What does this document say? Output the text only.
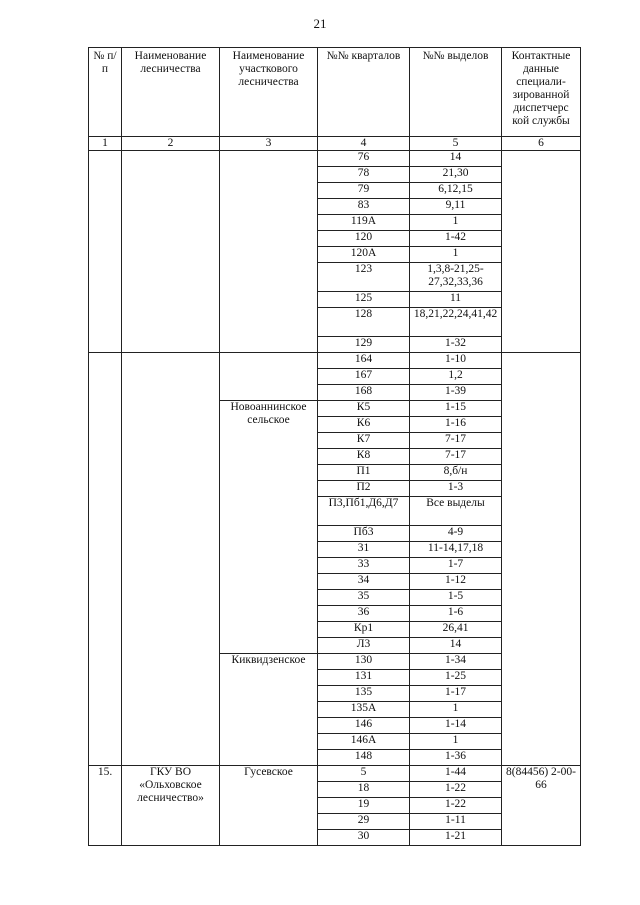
21
№ п/п	Наименование лесничества	Наименование участкового лесничества	№№ кварталов	№№ выделов	Контактные данные специали-зированной диспетчерс кой службы
1	2	3	4	5	6
			76	14	
			78	21,30	
			79	6,12,15	
			83	9,11	
			119А	1	
			120	1-42	
			120А	1	
			123	1,3,8-21,25-27,32,33,36	
			125	11	
			128	18,21,22,24,41,42	
			129	1-32	
			164	1-10	
			167	1,2	
			168	1-39	
		Новоаннинское сельское	К5	1-15	
			К6	1-16	
			К7	7-17	
			К8	7-17	
			П1	8,б/н	
			П2	1-3	
			П3,Пб1,Д6,Д7	Все выделы	
			Пб3	4-9	
			31	11-14,17,18	
			33	1-7	
			34	1-12	
			35	1-5	
			36	1-6	
			Кр1	26,41	
			Л3	14	
		Киквидзенское	130	1-34	
			131	1-25	
			135	1-17	
			135А	1	
			146	1-14	
			146А	1	
			148	1-36	
15.	ГКУ ВО «Ольховское лесничество»	Гусевское	5	1-44	8(84456) 2-00-66
			18	1-22	
			19	1-22	
			29	1-11	
			30	1-21	
